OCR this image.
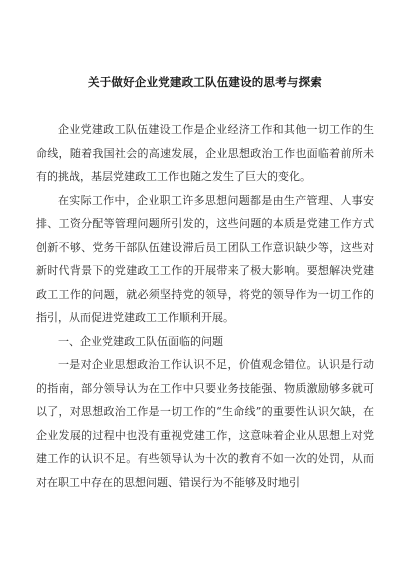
关于做好企业党建政工队伍建设的思考与探索

企业党建政工队伍建设工作是企业经济工作和其他一切工作的生命线，随着我国社会的高速发展，企业思想政治工作也面临着前所未有的挑战，基层党建政工工作也随之发生了巨大的变化。

在实际工作中，企业职工许多思想问题都是由生产管理、人事安排、工资分配等管理问题所引发的，这些问题的本质是党建工作方式创新不够、党务干部队伍建设滞后员工团队工作意识缺少等，这些对新时代背景下的党建政工工作的开展带来了极大影响。要想解决党建政工工作的问题，就必须坚持党的领导，将党的领导作为一切工作的指引，从而促进党建政工工作顺利开展。

一、企业党建政工队伍面临的问题

一是对企业思想政治工作认识不足，价值观念错位。认识是行动的指南，部分领导认为在工作中只要业务技能强、物质激励够多就可以了，对思想政治工作是一切工作的“生命线”的重要性认识欠缺，在企业发展的过程中也没有重视党建工作，这意味着企业从思想上对党建工作的认识不足。有些领导认为十次的教育不如一次的处罚，从而对在职工中存在的思想问题、错误行为不能够及时地引
